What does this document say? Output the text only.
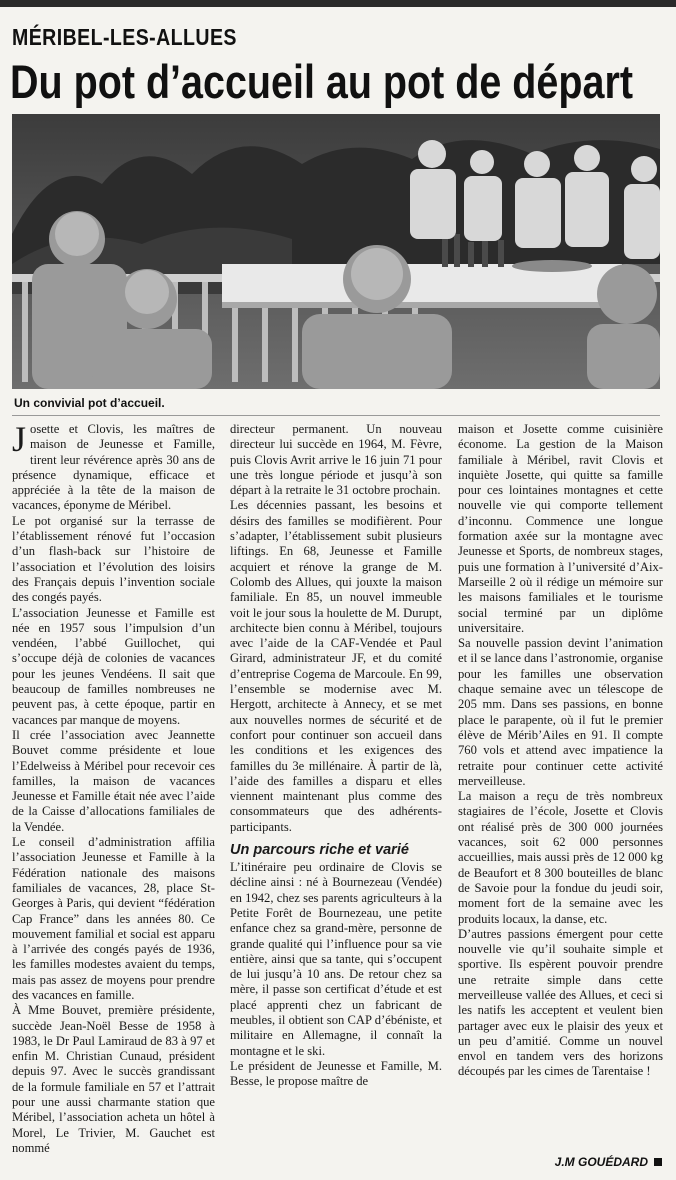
MÉRIBEL-LES-ALLUES
Du pot d’accueil au pot de départ
Un convivial pot d’accueil.

Josette et Clovis, les maîtres de maison de Jeunesse et Famille, tirent leur révérence après 30 ans de présence dynamique, efficace et appréciée à la tête de la maison de vacances, éponyme de Méribel.

Le pot organisé sur la terrasse de l’établissement rénové fut l’occasion d’un flash-back sur l’histoire de l’association et l’évolution des loisirs des Français depuis l’invention sociale des congés payés.

L’association Jeunesse et Famille est née en 1957 sous l’impulsion d’un vendéen, l’abbé Guillochet, qui s’occupe déjà de colonies de vacances pour les jeunes Vendéens. Il sait que beaucoup de familles nombreuses ne peuvent pas, à cette époque, partir en vacances par manque de moyens.

Il crée l’association avec Jeannette Bouvet comme présidente et loue l’Edelweiss à Méribel pour recevoir ces familles, la maison de vacances Jeunesse et Famille était née avec l’aide de la Caisse d’allocations familiales de la Vendée.

Le conseil d’administration affilia l’association Jeunesse et Famille à la Fédération nationale des maisons familiales de vacances, 28, place St-Georges à Paris, qui devient “fédération Cap France” dans les années 80. Ce mouvement familial et social est apparu à l’arrivée des congés payés de 1936, les familles modestes avaient du temps, mais pas assez de moyens pour prendre des vacances en famille.

À Mme Bouvet, première présidente, succède Jean-Noël Besse de 1958 à 1983, le Dr Paul Lamiraud de 83 à 97 et enfin M. Christian Cunaud, président depuis 97. Avec le succès grandissant de la formule familiale en 57 et l’attrait pour une aussi charmante station que Méribel, l’association acheta un hôtel à Morel, Le Trivier, M. Gauchet est nommé

directeur permanent. Un nouveau directeur lui succède en 1964, M. Fèvre, puis Clovis Avrit arrive le 16 juin 71 pour une très longue période et jusqu’à son départ à la retraite le 31 octobre prochain.

Les décennies passant, les besoins et désirs des familles se modifièrent. Pour s’adapter, l’établissement subit plusieurs liftings. En 68, Jeunesse et Famille acquiert et rénove la grange de M. Colomb des Allues, qui jouxte la maison familiale. En 85, un nouvel immeuble voit le jour sous la houlette de M. Durupt, architecte bien connu à Méribel, toujours avec l’aide de la CAF-Vendée et Paul Girard, administrateur JF, et du comité d’entreprise Cogema de Marcoule. En 99, l’ensemble se modernise avec M. Hergott, architecte à Annecy, et se met aux nouvelles normes de sécurité et de confort pour continuer son accueil dans les conditions et les exigences des familles du 3e millénaire. À partir de là, l’aide des familles a disparu et elles viennent maintenant plus comme des consommateurs que des adhérents-participants.

Un parcours riche et varié

L’itinéraire peu ordinaire de Clovis se décline ainsi : né à Bournezeau (Vendée) en 1942, chez ses parents agriculteurs à la Petite Forêt de Bournezeau, une petite enfance chez sa grand-mère, personne de grande qualité qui l’influence pour sa vie entière, ainsi que sa tante, qui s’occupent de lui jusqu’à 10 ans. De retour chez sa mère, il passe son certificat d’étude et est placé apprenti chez un fabricant de meubles, il obtient son CAP d’ébéniste, et militaire en Allemagne, il connaît la montagne et le ski.

Le président de Jeunesse et Famille, M. Besse, le propose maître de

maison et Josette comme cuisinière économe. La gestion de la Maison familiale à Méribel, ravit Clovis et inquiète Josette, qui quitte sa famille pour ces lointaines montagnes et cette nouvelle vie qui comporte tellement d’inconnu. Commence une longue formation axée sur la montagne avec Jeunesse et Sports, de nombreux stages, puis une formation à l’université d’Aix-Marseille 2 où il rédige un mémoire sur les maisons familiales et le tourisme social terminé par un diplôme universitaire.

Sa nouvelle passion devint l’animation et il se lance dans l’astronomie, organise pour les familles une observation chaque semaine avec un télescope de 205 mm. Dans ses passions, en bonne place le parapente, où il fut le premier élève de Mérib’Ailes en 91. Il compte 760 vols et attend avec impatience la retraite pour continuer cette activité merveilleuse.

La maison a reçu de très nombreux stagiaires de l’école, Josette et Clovis ont réalisé près de 300 000 journées vacances, soit 62 000 personnes accueillies, mais aussi près de 12 000 kg de Beaufort et 8 300 bouteilles de blanc de Savoie pour la fondue du jeudi soir, moment fort de la semaine avec les produits locaux, la danse, etc.

D’autres passions émergent pour cette nouvelle vie qu’il souhaite simple et sportive. Ils espèrent pouvoir prendre une retraite simple dans cette merveilleuse vallée des Allues, et ceci si les natifs les acceptent et veulent bien partager avec eux le plaisir des yeux et un peu d’amitié. Comme un nouvel envol en tandem vers des horizons découpés par les cimes de Tarentaise !

J.M GOUÉDARD
